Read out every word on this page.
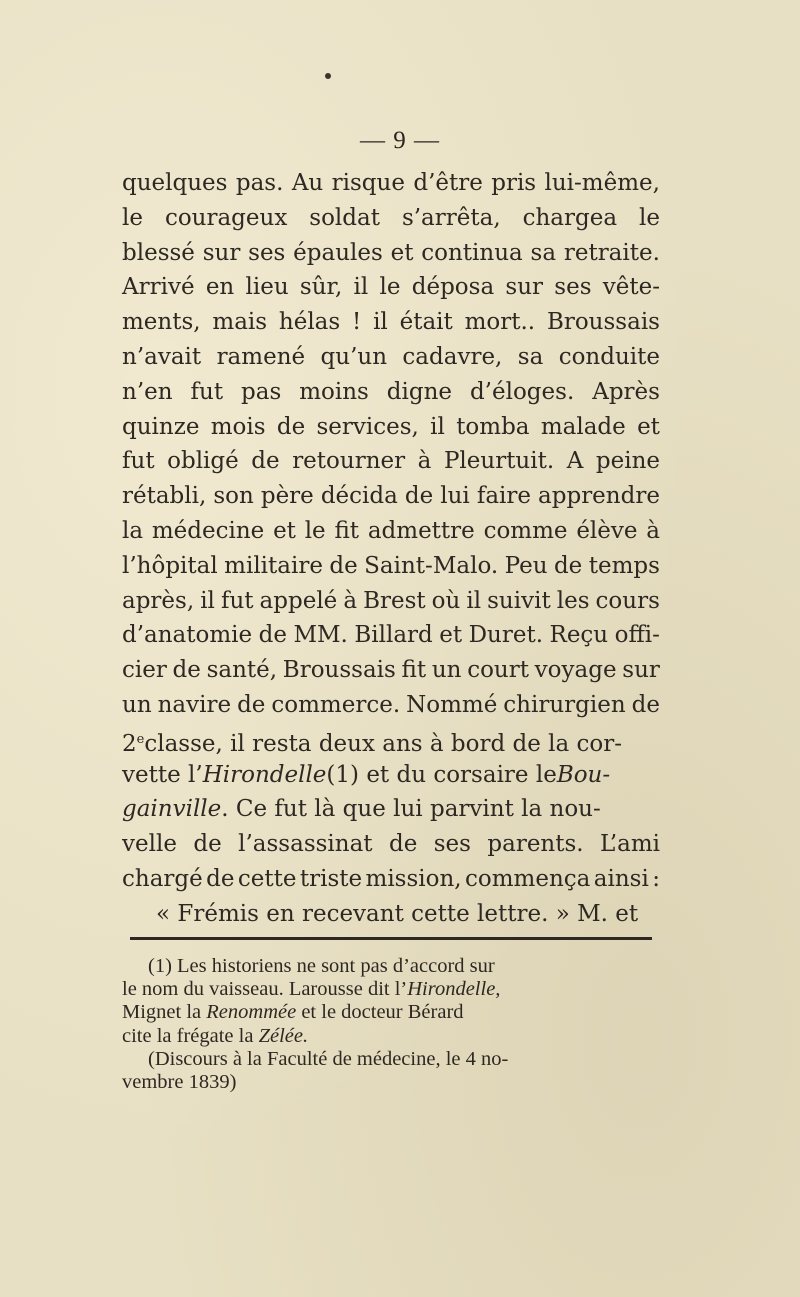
— 9 —
quelques pas. Au risque d’être pris lui-même,
le courageux soldat s’arrêta, chargea le
blessé sur ses épaules et continua sa retraite.
Arrivé en lieu sûr, il le déposa sur ses vête-
ments, mais hélas ! il était mort.. Broussais
n’avait ramené qu’un cadavre, sa conduite
n’en fut pas moins digne d’éloges. Après
quinze mois de services, il tomba malade et
fut obligé de retourner à Pleurtuit. A peine
rétabli, son père décida de lui faire apprendre
la médecine et le fit admettre comme élève à
l’hôpital militaire de Saint-Malo. Peu de temps
après, il fut appelé à Brest où il suivit les cours
d’anatomie de MM. Billard et Duret. Reçu offi-
cier de santé, Broussais fit un court voyage sur
un navire de commerce. Nommé chirurgien de
2eclasse, il resta deux ans à bord de la cor-
vette l’Hirondelle(1) et du corsaire leBou-
gainville. Ce fut là que lui parvint la nou-
velle de l’assassinat de ses parents. L’ami
chargé de cette triste mission, commença ainsi :
« Frémis en recevant cette lettre. » M. et
(1) Les historiens ne sont pas d’accord sur
le nom du vaisseau. Larousse dit l’Hirondelle,
Mignet la Renommée et le docteur Bérard
cite la frégate la Zélée.
(Discours à la Faculté de médecine, le 4 no-
vembre 1839)
